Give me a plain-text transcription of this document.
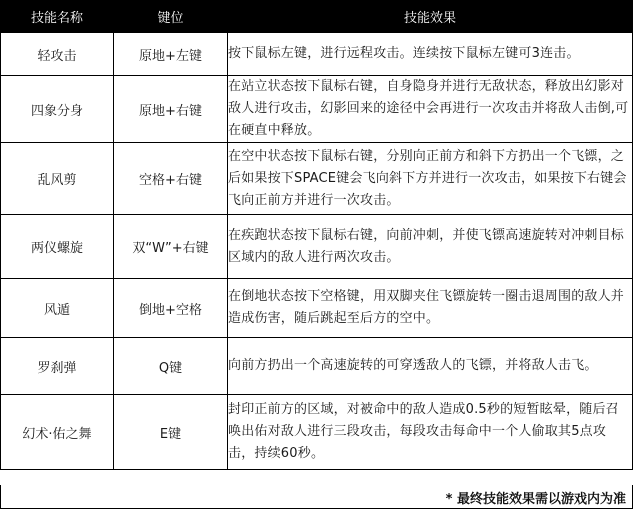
技能名称	键位	技能效果
轻攻击	原地+左键	按下鼠标左键，进行远程攻击。连续按下鼠标左键可3连击。
四象分身	原地+右键	在站立状态按下鼠标右键，自身隐身并进行无敌状态，释放出幻影对敌人进行攻击，幻影回来的途径中会再进行一次攻击并将敌人击倒,可在硬直中释放。
乱风剪	空格+右键	在空中状态按下鼠标右键，分别向正前方和斜下方扔出一个飞镖，之后如果按下SPACE键会飞向斜下方并进行一次攻击，如果按下右键会飞向正前方并进行一次攻击。
两仪螺旋	双“W”+右键	在疾跑状态按下鼠标右键，向前冲刺，并使飞镖高速旋转对冲刺目标区域内的敌人进行两次攻击。
风遁	倒地+空格	在倒地状态按下空格键，用双脚夹住飞镖旋转一圈击退周围的敌人并造成伤害，随后跳起至后方的空中。
罗刹弹	Q键	向前方扔出一个高速旋转的可穿透敌人的飞镖，并将敌人击飞。
幻术·佑之舞	E键	封印正前方的区域，对被命中的敌人造成0.5秒的短暂眩晕，随后召唤出佑对敌人进行三段攻击，每段攻击每命中一个人偷取其5点攻击，持续60秒。
* 最终技能效果需以游戏内为准
